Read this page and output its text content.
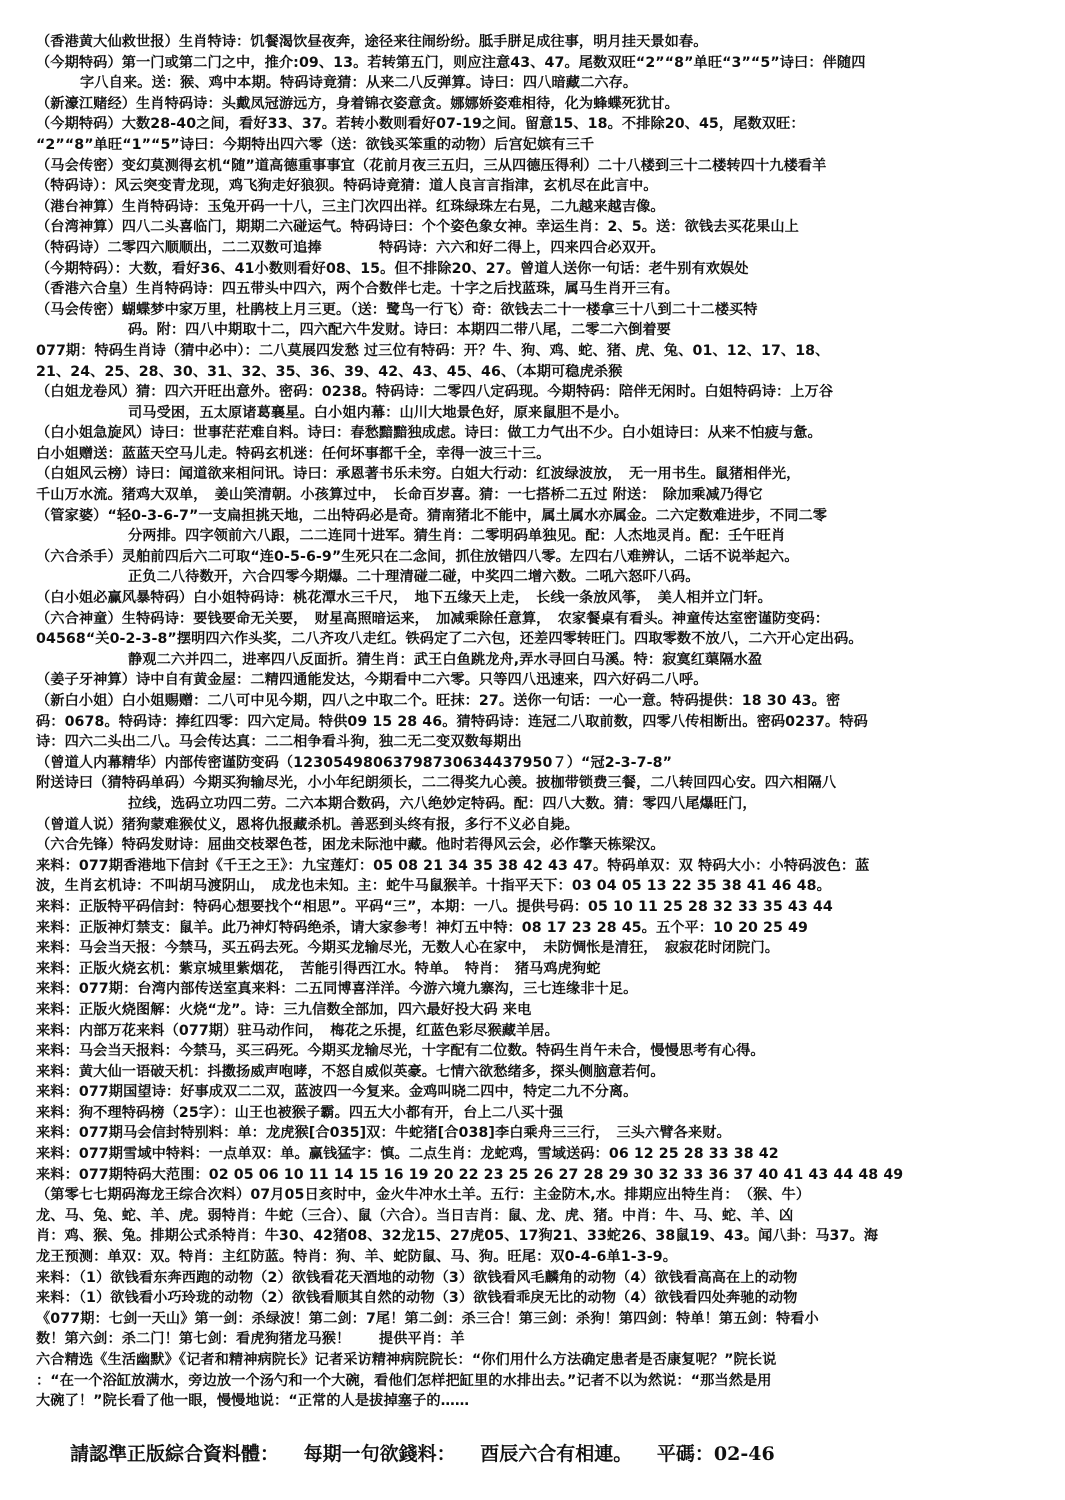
（香港黄大仙救世报）生肖特诗：饥餐渴饮昼夜奔，途径来往闹纷纷。胝手胼足成往事，明月挂天景如春。
（今期特码）第一门或第二门之中，推介:09、13。若转第五门，则应注意43、47。尾数双旺“2”“8”单旺“3”“5”诗曰：伴随四
字八自来。送：猴、鸡中本期。特码诗竟猜：从来二八反弹算。诗曰：四八暗藏二六存。
（新濠江赌经）生肖特码诗：头戴凤冠游远方，身着锦衣姿意贪。娜娜娇姿难相待，化为蜂蝶死犹甘。
（今期特码）大数28-40之间，看好33、37。若转小数则看好07-19之间。留意15、18。不排除20、45，尾数双旺：
“2”“8”单旺“1”“5”诗曰：今期特出四六零（送：欲钱买笨重的动物）后宫妃嫔有三千
（马会传密）变幻莫测得玄机“随”道高德重事事宜（花前月夜三五归，三从四德压得利）二十八楼到三十二楼转四十九楼看羊
（特码诗）：风云突变青龙现，鸡飞狗走好狼狈。特码诗竟猜：道人良言言指津，玄机尽在此言中。
（港台神算）生肖特码诗：玉兔开码一十八，三主门次四出祥。红珠绿珠左右晃，二九越来越吉像。
（台湾神算）四八二头喜临门，期期二六碰运气。特码诗曰：个个姿色象女神。幸运生肖：2、5。送：欲钱去买花果山上
（特码诗）二零四六顺顺出，二二双数可追捧　　　　特码诗：六六和好二得上，四来四合必双开。
（今期特码）：大数，看好36、41小数则看好08、15。但不排除20、27。曾道人送你一句话：老牛别有欢娱处
（香港六合皇）生肖特码诗：四五带头中四六，两个合数伴七走。十字之后找蓝珠，属马生肖开三有。
（马会传密）蝴蝶梦中家万里，杜鹃枝上月三更。（送：鹭鸟一行飞）奇：欲钱去二十一楼拿三十八到二十二楼买特
码。附：四八中期取十二，四六配六牛发财。诗曰：本期四二带八尾，二零二六倒着要
077期：特码生肖诗（猜中必中）：二八莫展四发愁 过三位有特码：开？牛、狗、鸡、蛇、猪、虎、兔、01、12、17、18、
21、24、25、28、30、31、32、35、36、39、42、43、45、46、（本期可稳虎杀猴
（白姐龙卷风）猜：四六开旺出意外。密码：0238。特码诗：二零四八定码现。今期特码：陪伴无闲时。白姐特码诗：上万谷
司马受困，五太原诸葛襄星。白小姐内幕：山川大地景色好，原来鼠胆不是小。
（白小姐急旋风）诗曰：世事茫茫难自料。诗曰：春愁黯黯独成虑。诗曰：做工力气出不少。白小姐诗曰：从来不怕疲与惫。
白小姐赠送：蓝蓝天空马儿走。特码玄机迷：任何坏事都千全，幸得一波三十三。
（白姐风云榜）诗曰：闻道欲来相问讯。诗曰：承恩著书乐未穷。白姐大行动：红波绿波放，　无一用书生。鼠猪相伴光，
千山万水流。猪鸡大双单，　姜山笑清朝。小孩算过中，　长命百岁喜。猜：一七搭桥二五过 附送：　除加乘减乃得它
（管家婆）“轻0-3-6-7”一支扁担挑天地，二出特码必是奇。猜南猪北不能中，属土属水亦属金。二六定数难进步，不同二零
分两排。四字领前六八跟，二二连同十进军。猜生肖：二零明码单独见。配：人杰地灵肖。配：壬午旺肖
（六合杀手）灵舶前四后六二可取“连0-5-6-9”生死只在二念间，抓住放错四八零。左四右八难辨认，二话不说举起六。
正负二八待数开，六合四零今期爆。二十理清碰二碰，中奖四二增六数。二吼六怒吓八码。
（白小姐必赢风暴特码）白小姐特码诗：桃花潭水三千尺，　地下五缘天上走，　长线一条放风筝，　美人相并立门轩。
（六合神童）生特码诗：要钱要命无关要，　财星高照暗运来，　加减乘除任意算，　农家餐桌有看头。神童传达室密谨防变码：
04568“关0-2-3-8”摆明四六作头奖，二八齐攻八走红。铁码定了二六包，还差四零转旺门。四取零数不放八，二六开心定出码。
静观二六并四二，进率四八反面折。猜生肖：武王白鱼跳龙舟,弄水寻回白马溪。特：寂寞红蕖隔水盈
（姜子牙神算）诗中自有黄金屋：二精四通能发达，今期看中二六零。只等四八迅速来，四六好码二八呼。
（新白小姐）白小姐赐赠：二八可中见今期，四八之中取二个。旺抹：27。送你一句话：一心一意。特码提供：18 30 43。密
码：0678。特码诗：捧红四零：四六定局。特供09 15 28 46。猜特码诗：连冠二八取前数，四零八传相断出。密码0237。特码
诗：四六二头出二八。马会传达真：二二相争看斗狗，独二无二变双数每期出
（曾道人内幕精华）内部传密谨防变码（12305498063798730634437950７）“冠2-3-7-8”
附送诗曰（猜特码单码）今期买狗输尽光，小小年纪朗须长，二二得奖九心羡。披枷带锁费三餐，二八转回四心安。四六相隔八
拉线，选码立功四二劳。二六本期合数码，六八绝妙定特码。配：四八大数。猜：零四八尾爆旺门，
（曾道人说）猪狗蒙难猴仗义，恩将仇报藏杀机。善恶到头终有报，多行不义必自毙。
（六合先锋）特码发财诗：屈曲交枝翠色苍，困龙未际池中藏。他时若得风云会，必作擎天栋梁汉。
来料：077期香港地下信封《千王之王》：九宝莲灯：05 08 21 34 35 38 42 43 47。特码单双：双 特码大小：小特码波色：蓝
波，生肖玄机诗：不叫胡马渡阴山，　成龙也未知。主：蛇牛马鼠猴羊。十指平天下：03 04 05 13 22 35 38 41 46 48。
来料：正版特平码信封：特码心想要找个“相思”。平码“三”，本期：一八。提供号码：05 10 11 25 28 32 33 35 43 44
来料：正版神灯禁支：鼠羊。此乃神灯特码绝杀，请大家参考！神灯五中特：08 17 23 28 45。五个平：10 20 25 49
来料：马会当天报：今禁马，买五码去死。今期买龙输尽光，无数人心在家中，　未防惆怅是清狂，　寂寂花时闭院门。
来料：正版火烧玄机：紫京城里紫烟花，　苦能引得西江水。特单。　特肖：　猪马鸡虎狗蛇
来料：077期：台湾内部传送室真来料：二五同博喜洋洋。今游六境九寨沟，三七连缘非十足。
来料：正版火烧图解：火烧“龙”。诗：三九信数全部加，四六最好投大码 来电
来料：内部万花来料（077期）驻马动作问，　梅花之乐提，红蓝色彩尽猴藏羊居。
来料：马会当天报料：今禁马，买三码死。今期买龙输尽光，十字配有二位数。特码生肖午未合，慢慢思考有心得。
来料：黄大仙一语破天机：抖擞扬威声咆哮，不怒自威似英豪。七情六欲愁绪多，探头侧脑意若何。
来料：077期国望诗：好事成双二二双，蓝波四一今复来。金鸡叫晓二四中，特定二九不分离。
来料：狗不理特码榜（25字）：山王也被猴子霸。四五大小都有开，台上二八买十强
来料：077期马会信封特别料：单：龙虎猴[合035]双：牛蛇猪[合038]李白乘舟三三行，　三头六臂各来财。
来料：077期雪域中特料：一点单双：单。赢钱猛字：慎。二点生肖：龙蛇鸡，雪域送码：06 12 25 28 33 38 42
来料：077期特码大范围：02 05 06 10 11 14 15 16 19 20 22 23 25 26 27 28 29 30 32 33 36 37 40 41 43 44 48 49
（第零七七期码海龙王综合次料）07月05日亥时中，金火牛冲水土羊。五行：主金防木,水。排期应出特生肖：　（猴、牛）
龙、马、兔、蛇、羊、虎。弱特肖：牛蛇（三合）、鼠（六合）。当日吉肖：鼠、龙、虎、猪。中肖：牛、马、蛇、羊、凶
肖：鸡、猴、兔。排期公式杀特肖：牛30、42猪08、32龙15、27虎05、17狗21、33蛇26、38鼠19、43。闻八卦：马37。海
龙王预测：单双：双。特肖：主红防蓝。特肖：狗、羊、蛇防鼠、马、狗。旺尾：双0-4-6单1-3-9。
来料：（1）欲钱看东奔西跑的动物（2）欲钱看花天酒地的动物（3）欲钱看风毛麟角的动物（4）欲钱看高高在上的动物
来料：（1）欲钱看小巧玲珑的动物（2）欲钱看顺其自然的动物（3）欲钱看乖戾无比的动物（4）欲钱看四处奔驰的动物
《077期：七剑一天山》第一剑：杀绿波！第二剑：7尾！第二剑：杀三合！第三剑：杀狗！第四剑：特单！第五剑：特看小
数！第六剑：杀二门！第七剑：看虎狗猪龙马猴！　　提供平肖：羊
六合精选《生活幽默》《记者和精神病院长》记者采访精神病院院长：“你们用什么方法确定患者是否康复呢？”院长说
：“在一个浴缸放满水，旁边放一个汤勺和一个大碗，看他们怎样把缸里的水排出去。”记者不以为然说：“那当然是用
大碗了！”院长看了他一眼，慢慢地说：“正常的人是拔掉塞子的……
請認準正版綜合資料體： 每期一句欲錢料： 酉辰六合有相連。 平碼：02-46
